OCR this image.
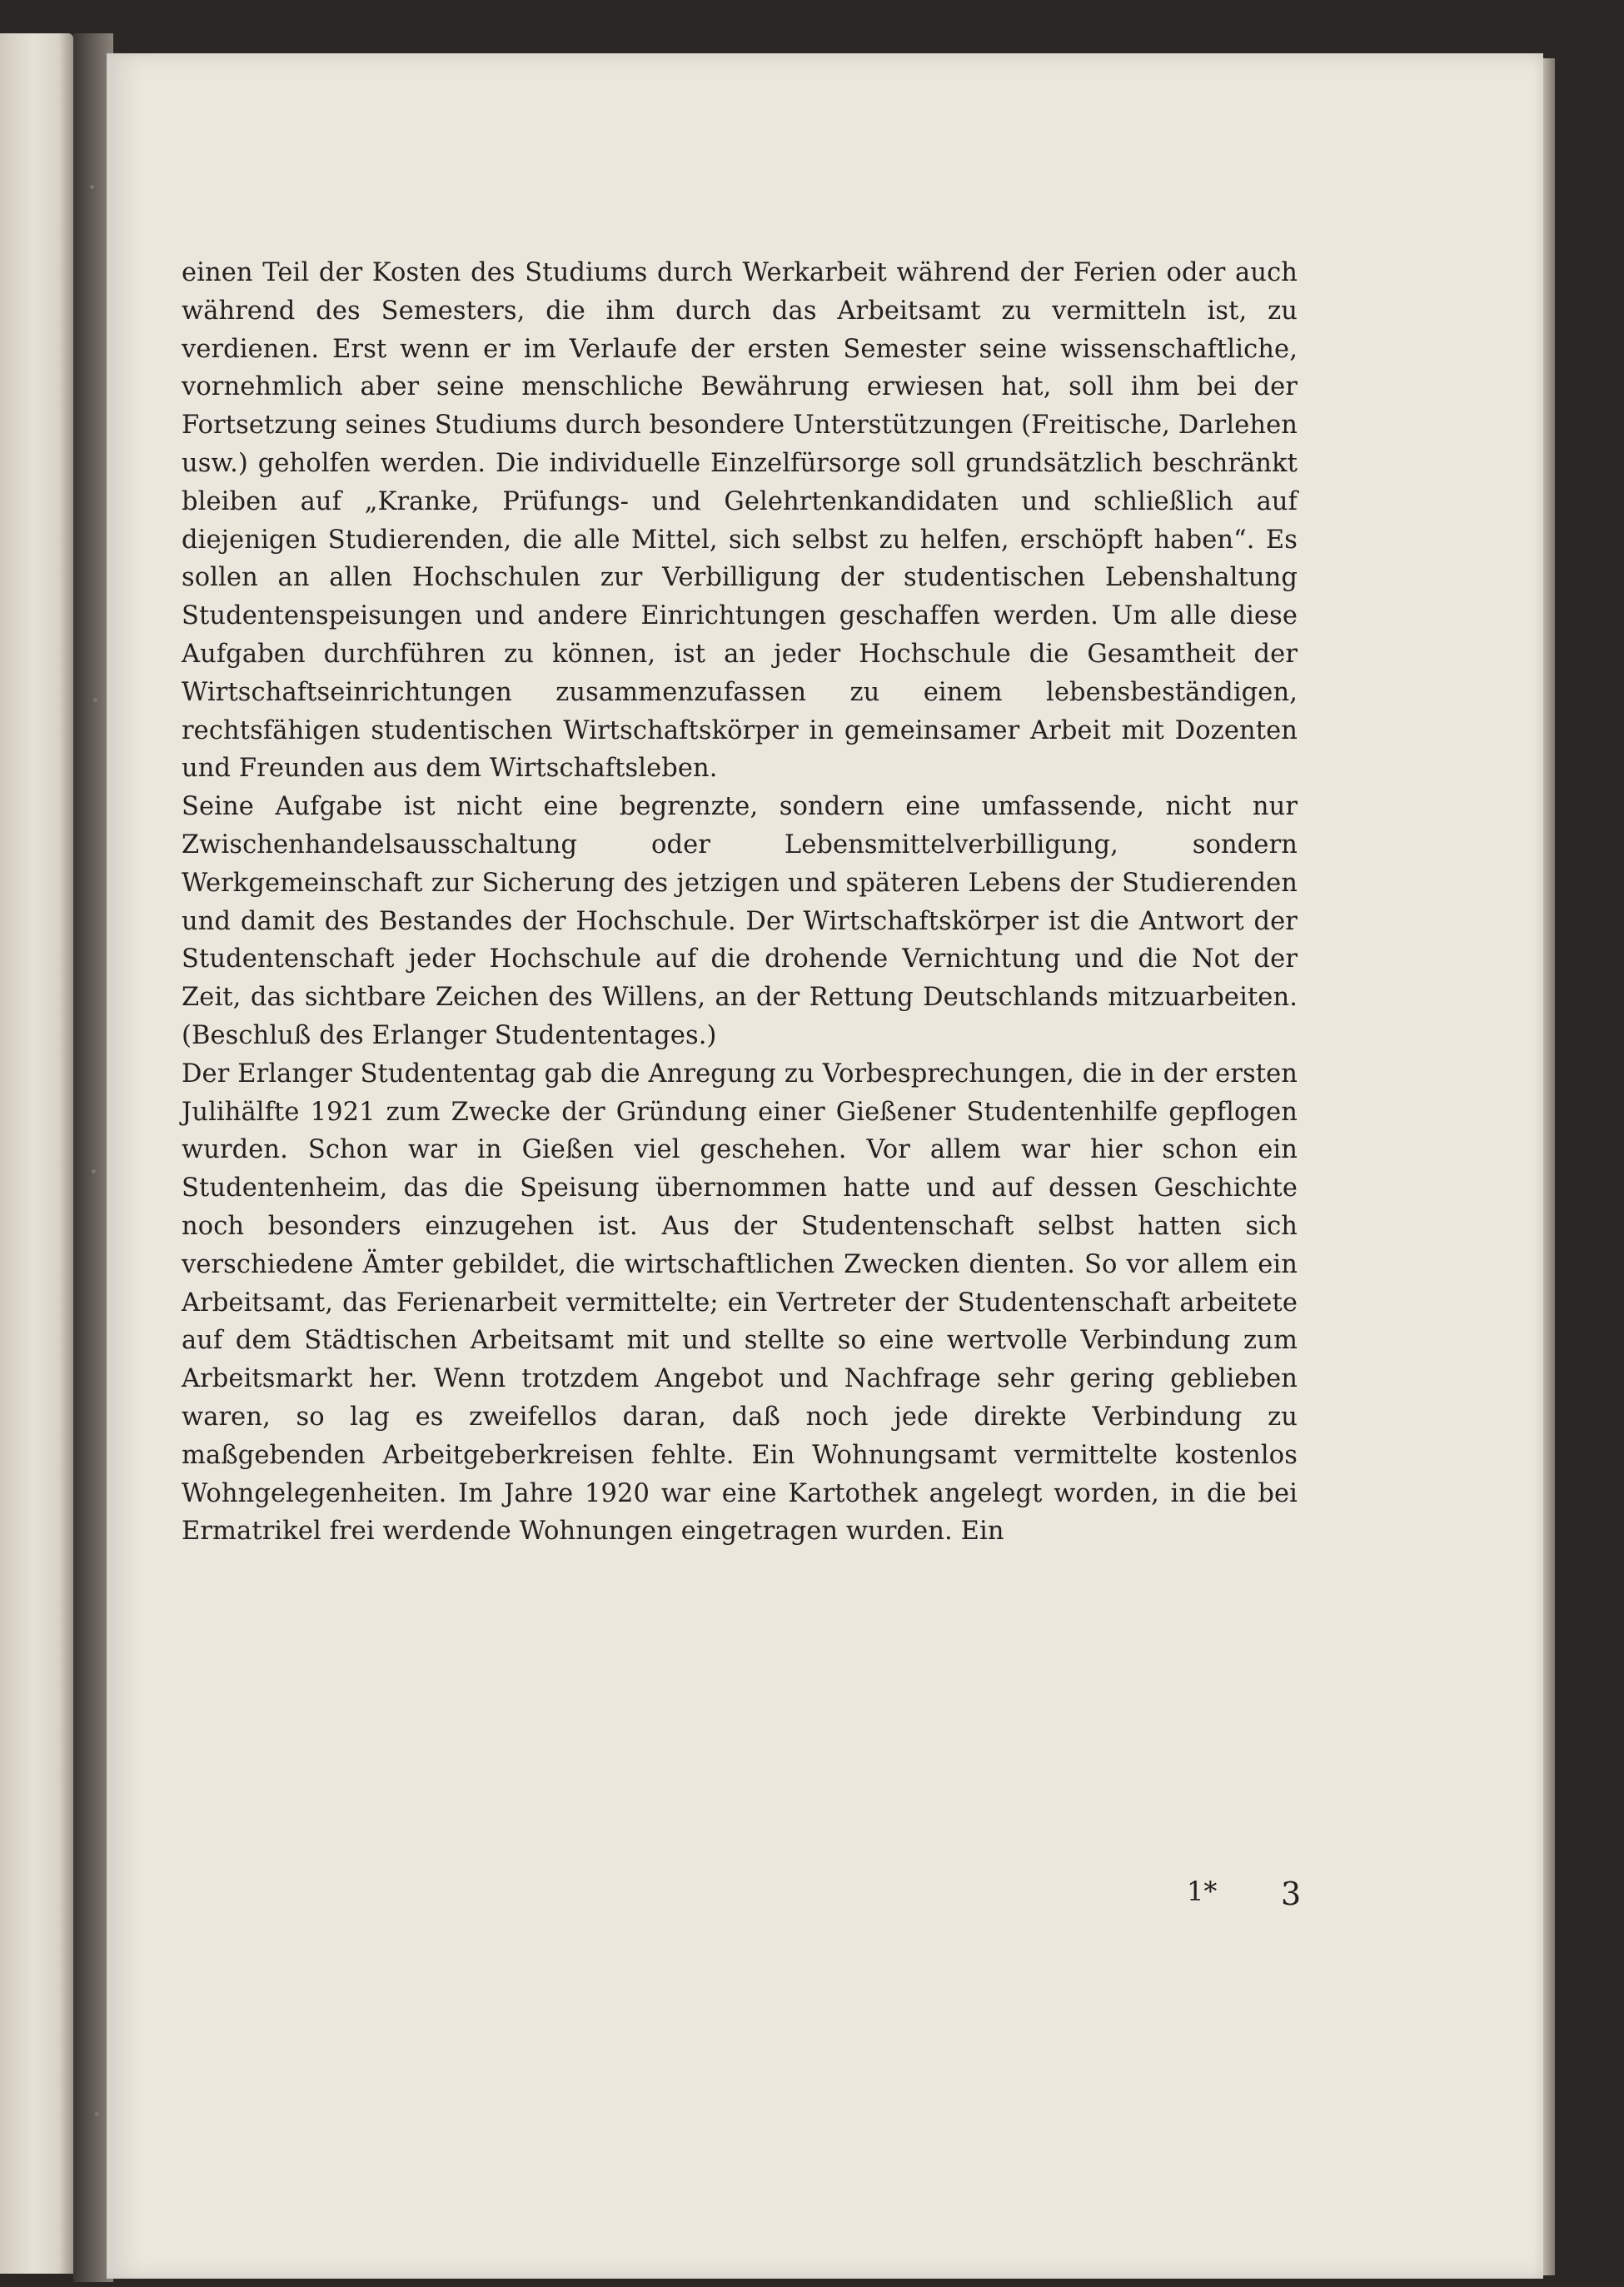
einen Teil der Kosten des Studiums durch Werkarbeit während der Ferien oder auch während des Semesters, die ihm durch das Arbeitsamt zu vermitteln ist, zu verdienen. Erst wenn er im Verlaufe der ersten Semester seine wissenschaftliche, vornehmlich aber seine menschliche Bewährung erwiesen hat, soll ihm bei der Fortsetzung seines Studiums durch besondere Unterstützungen (Freitische, Darlehen usw.) geholfen werden. Die individuelle Einzelfürsorge soll grundsätzlich beschränkt bleiben auf „Kranke, Prüfungs- und Gelehrtenkandidaten und schließlich auf diejenigen Studierenden, die alle Mittel, sich selbst zu helfen, erschöpft haben“. Es sollen an allen Hochschulen zur Verbilligung der studentischen Lebenshaltung Studentenspeisungen und andere Einrichtungen geschaffen werden. Um alle diese Aufgaben durchführen zu können, ist an jeder Hochschule die Gesamtheit der Wirtschaftseinrichtungen zusammenzufassen zu einem lebensbeständigen, rechtsfähigen studentischen Wirtschaftskörper in gemeinsamer Arbeit mit Dozenten und Freunden aus dem Wirtschaftsleben.

Seine Aufgabe ist nicht eine begrenzte, sondern eine umfassende, nicht nur Zwischenhandelsausschaltung oder Lebensmittelverbilligung, sondern Werkgemeinschaft zur Sicherung des jetzigen und späteren Lebens der Studierenden und damit des Bestandes der Hochschule. Der Wirtschaftskörper ist die Antwort der Studentenschaft jeder Hochschule auf die drohende Vernichtung und die Not der Zeit, das sichtbare Zeichen des Willens, an der Rettung Deutschlands mitzuarbeiten. (Beschluß des Erlanger Studententages.)

Der Erlanger Studententag gab die Anregung zu Vorbesprechungen, die in der ersten Julihälfte 1921 zum Zwecke der Gründung einer Gießener Studentenhilfe gepflogen wurden. Schon war in Gießen viel geschehen. Vor allem war hier schon ein Studentenheim, das die Speisung übernommen hatte und auf dessen Geschichte noch besonders einzugehen ist. Aus der Studentenschaft selbst hatten sich verschiedene Ämter gebildet, die wirtschaftlichen Zwecken dienten. So vor allem ein Arbeitsamt, das Ferienarbeit vermittelte; ein Vertreter der Studentenschaft arbeitete auf dem Städtischen Arbeitsamt mit und stellte so eine wertvolle Verbindung zum Arbeitsmarkt her. Wenn trotzdem Angebot und Nachfrage sehr gering geblieben waren, so lag es zweifellos daran, daß noch jede direkte Verbindung zu maßgebenden Arbeitgeberkreisen fehlte. Ein Wohnungsamt vermittelte kostenlos Wohngelegenheiten. Im Jahre 1920 war eine Kartothek angelegt worden, in die bei Ermatrikel frei werdende Wohnungen eingetragen wurden. Ein

1* 3
